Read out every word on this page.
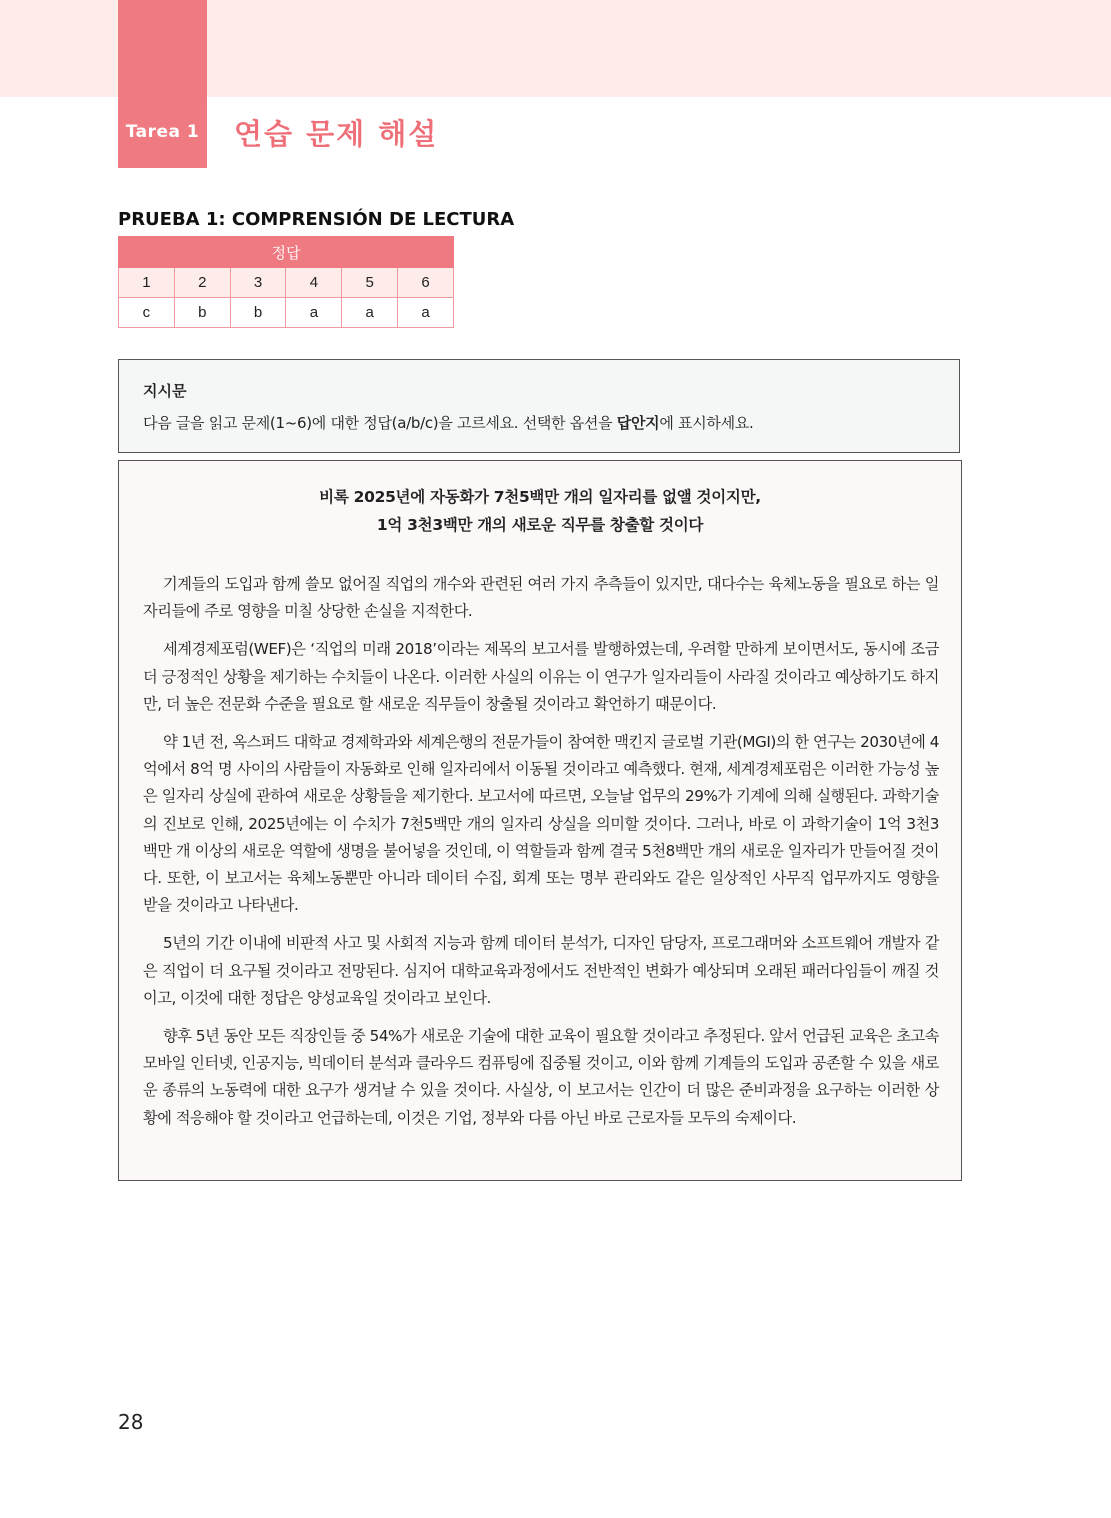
Tarea 1 연습 문제 해설
PRUEBA 1: COMPRENSIÓN DE LECTURA
정답					
1	2	3	4	5	6
c	b	b	a	a	a
지시문
다음 글을 읽고 문제(1~6)에 대한 정답(a/b/c)을 고르세요. 선택한 옵션을 답안지에 표시하세요.
비록 2025년에 자동화가 7천5백만 개의 일자리를 없앨 것이지만,
1억 3천3백만 개의 새로운 직무를 창출할 것이다

기계들의 도입과 함께 쓸모 없어질 직업의 개수와 관련된 여러 가지 추측들이 있지만, 대다수는 육체노동을 필요로 하는 일자리들에 주로 영향을 미칠 상당한 손실을 지적한다.

세계경제포럼(WEF)은 ‘직업의 미래 2018’이라는 제목의 보고서를 발행하였는데, 우려할 만하게 보이면서도, 동시에 조금 더 긍정적인 상황을 제기하는 수치들이 나온다. 이러한 사실의 이유는 이 연구가 일자리들이 사라질 것이라고 예상하기도 하지만, 더 높은 전문화 수준을 필요로 할 새로운 직무들이 창출될 것이라고 확언하기 때문이다.

약 1년 전, 옥스퍼드 대학교 경제학과와 세계은행의 전문가들이 참여한 맥킨지 글로벌 기관(MGI)의 한 연구는 2030년에 4억에서 8억 명 사이의 사람들이 자동화로 인해 일자리에서 이동될 것이라고 예측했다. 현재, 세계경제포럼은 이러한 가능성 높은 일자리 상실에 관하여 새로운 상황들을 제기한다. 보고서에 따르면, 오늘날 업무의 29%가 기계에 의해 실행된다. 과학기술의 진보로 인해, 2025년에는 이 수치가 7천5백만 개의 일자리 상실을 의미할 것이다. 그러나, 바로 이 과학기술이 1억 3천3백만 개 이상의 새로운 역할에 생명을 불어넣을 것인데, 이 역할들과 함께 결국 5천8백만 개의 새로운 일자리가 만들어질 것이다. 또한, 이 보고서는 육체노동뿐만 아니라 데이터 수집, 회계 또는 명부 관리와도 같은 일상적인 사무직 업무까지도 영향을 받을 것이라고 나타낸다.

5년의 기간 이내에 비판적 사고 및 사회적 지능과 함께 데이터 분석가, 디자인 담당자, 프로그래머와 소프트웨어 개발자 같은 직업이 더 요구될 것이라고 전망된다. 심지어 대학교육과정에서도 전반적인 변화가 예상되며 오래된 패러다임들이 깨질 것이고, 이것에 대한 정답은 양성교육일 것이라고 보인다.

향후 5년 동안 모든 직장인들 중 54%가 새로운 기술에 대한 교육이 필요할 것이라고 추정된다. 앞서 언급된 교육은 초고속 모바일 인터넷, 인공지능, 빅데이터 분석과 클라우드 컴퓨팅에 집중될 것이고, 이와 함께 기계들의 도입과 공존할 수 있을 새로운 종류의 노동력에 대한 요구가 생겨날 수 있을 것이다. 사실상, 이 보고서는 인간이 더 많은 준비과정을 요구하는 이러한 상황에 적응해야 할 것이라고 언급하는데, 이것은 기업, 정부와 다름 아닌 바로 근로자들 모두의 숙제이다.

28
